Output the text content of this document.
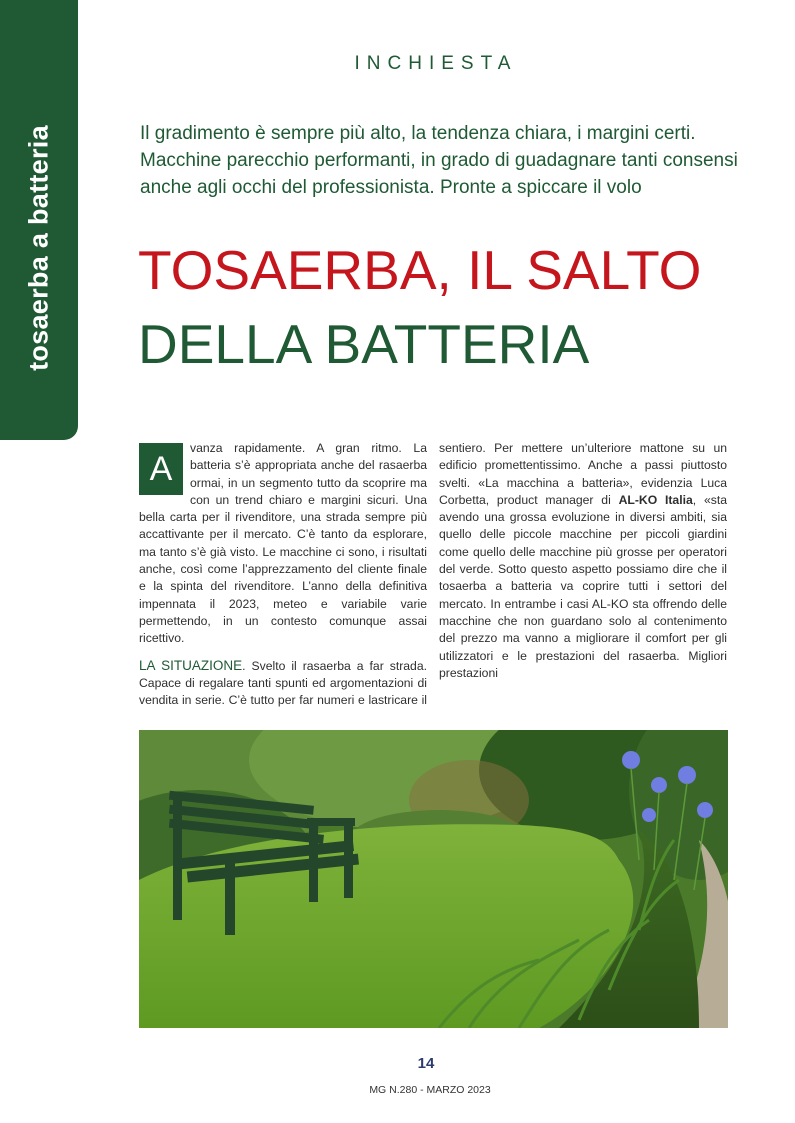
tosaerba a batteria
INCHIESTA

Il gradimento è sempre più alto, la tendenza chiara, i margini certi. Macchine parecchio performanti, in grado di guadagnare tanti consensi anche agli occhi del professionista. Pronte a spiccare il volo

TOSAERBA, IL SALTO
DELLA BATTERIA

A
vanza rapidamente. A gran ritmo. La batteria s’è appropriata anche del rasaerba ormai, in un segmento tutto da scoprire ma con un trend chiaro e margini sicuri. Una bella carta per il rivenditore, una strada sempre più accattivante per il mercato. C’è tanto da esplorare, ma tanto s’è già visto. Le macchine ci sono, i risultati anche, così come l’apprezzamento del cliente finale e la spinta del rivenditore. L’anno della definitiva impennata il 2023, meteo e variabile varie permettendo, in un contesto comunque assai ricettivo.

LA SITUAZIONE. Svelto il rasaerba a far strada. Capace di regalare tanti spunti ed argomentazioni di vendita in serie. C’è tutto per far numeri e lastricare il

sentiero. Per mettere un’ulteriore mattone su un edificio promettentissimo. Anche a passi piuttosto svelti. «La macchina a batteria», evidenzia Luca Corbetta, product manager di AL-KO Italia, «sta avendo una grossa evoluzione in diversi ambiti, sia quello delle piccole macchine per piccoli giardini come quello delle macchine più grosse per operatori del verde. Sotto questo aspetto possiamo dire che il tosaerba a batteria va coprire tutti i settori del mercato. In entrambe i casi AL-KO sta offrendo delle macchine che non guardano solo al contenimento del prezzo ma vanno a migliorare il comfort per gli utilizzatori e le prestazioni del rasaerba. Migliori prestazioni

14
MG N.280 - MARZO 2023
